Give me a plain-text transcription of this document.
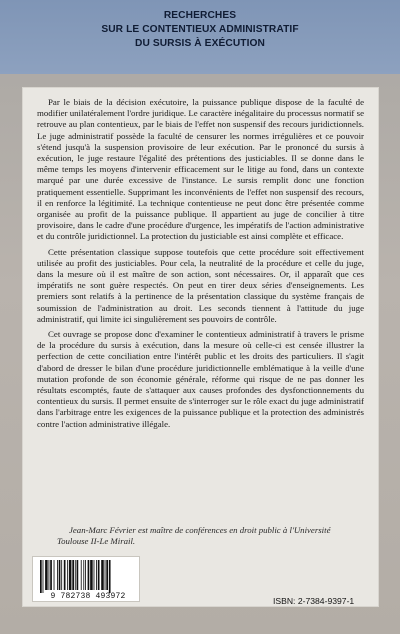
RECHERCHES
SUR LE CONTENTIEUX ADMINISTRATIF
DU SURSIS À EXÉCUTION

Par le biais de la décision exécutoire, la puissance publique dispose de la faculté de modifier unilatéralement l'ordre juridique. Le caractère inégalitaire du processus normatif se retrouve au plan contentieux, par le biais de l'effet non suspensif des recours juridictionnels. Le juge administratif possède la faculté de censurer les normes irrégulières et ce pouvoir s'étend jusqu'à la suspension provisoire de leur exécution. Par le prononcé du sursis à exécution, le juge restaure l'égalité des prétentions des justiciables. Il se donne dans le même temps les moyens d'intervenir efficacement sur le litige au fond, dans un contexte marqué par une durée excessive de l'instance. Le sursis remplit donc une fonction pratiquement essentielle. Supprimant les inconvénients de l'effet non suspensif des recours, il en renforce la légitimité. La technique contentieuse ne peut donc être présentée comme organisée au profit de la puissance publique. Il appartient au juge de concilier à titre provisoire, dans le cadre d'une procédure d'urgence, les impératifs de l'action administrative et du contrôle juridictionnel. La protection du justiciable est ainsi complète et efficace.

Cette présentation classique suppose toutefois que cette procédure soit effectivement utilisée au profit des justiciables. Pour cela, la neutralité de la procédure et celle du juge, dans la mesure où il est maître de son action, sont nécessaires. Or, il apparaît que ces impératifs ne sont guère respectés. On peut en tirer deux séries d'enseignements. Les premiers sont relatifs à la pertinence de la présentation classique du système français de soumission de l'administration au droit. Les seconds tiennent à l'attitude du juge administratif, qui limite ici singulièrement ses pouvoirs de contrôle.

Cet ouvrage se propose donc d'examiner le contentieux administratif à travers le prisme de la procédure du sursis à exécution, dans la mesure où celle-ci est censée illustrer la perfection de cette conciliation entre l'intérêt public et les droits des particuliers. Il s'agit d'abord de dresser le bilan d'une procédure juridictionnelle emblématique à la veille d'une mutation profonde de son économie générale, réforme qui risque de ne pas donner les résultats escomptés, faute de s'attaquer aux causes profondes des dysfonctionnements du contentieux du sursis. Il permet ensuite de s'interroger sur le rôle exact du juge administratif dans l'arbitrage entre les exigences de la puissance publique et la protection des administrés contre l'action administrative illégale.

Jean-Marc Février est maître de conférences en droit public à l'Université Toulouse II-Le Mirail.
9 782738 493972	ISBN: 2-7384-9397-1
